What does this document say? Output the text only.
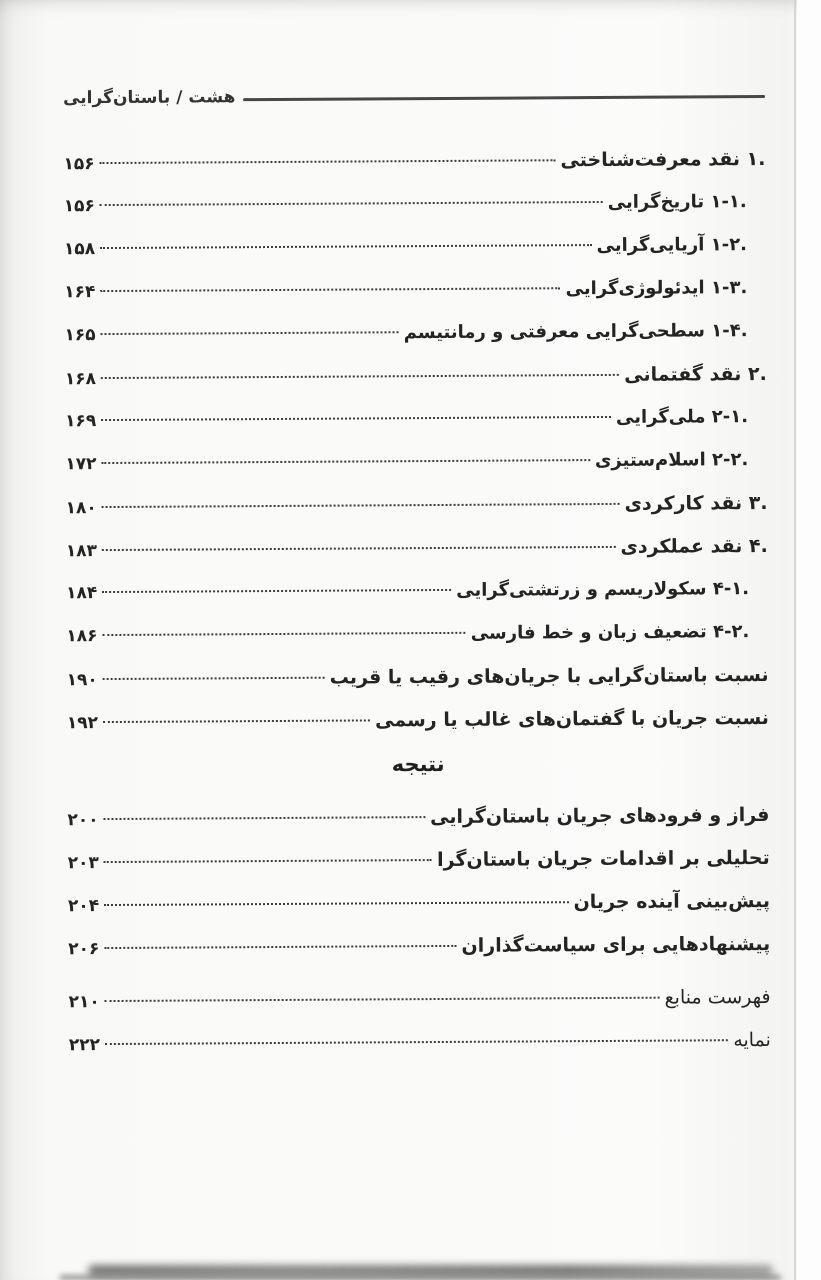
هشت / باستان‌گرایی
۱. نقد معرفت‌شناختی
۱۵۶
۱-۱. تاریخ‌گرایی
۱۵۶
۱-۲. آریایی‌گرایی
۱۵۸
۱-۳. ایدئولوژی‌گرایی
۱۶۴
۱-۴. سطحی‌گرایی معرفتی و رمانتیسم
۱۶۵
۲. نقد گفتمانی
۱۶۸
۲-۱. ملی‌گرایی
۱۶۹
۲-۲. اسلام‌ستیزی
۱۷۲
۳. نقد کارکردی
۱۸۰
۴. نقد عملکردی
۱۸۳
۴-۱. سکولاریسم و زرتشتی‌گرایی
۱۸۴
۴-۲. تضعیف زبان و خط فارسی
۱۸۶
نسبت باستان‌گرایی با جریان‌های رقیب یا قریب
۱۹۰
نسبت جریان با گفتمان‌های غالب یا رسمی
۱۹۲
نتیجه
فراز و فرودهای جریان باستان‌گرایی
۲۰۰
تحلیلی بر اقدامات جریان باستان‌گرا
۲۰۳
پیش‌بینی آینده جریان
۲۰۴
پیشنهادهایی برای سیاست‌گذاران
۲۰۶
فهرست منابع
۲۱۰
نمایه
۲۲۲
